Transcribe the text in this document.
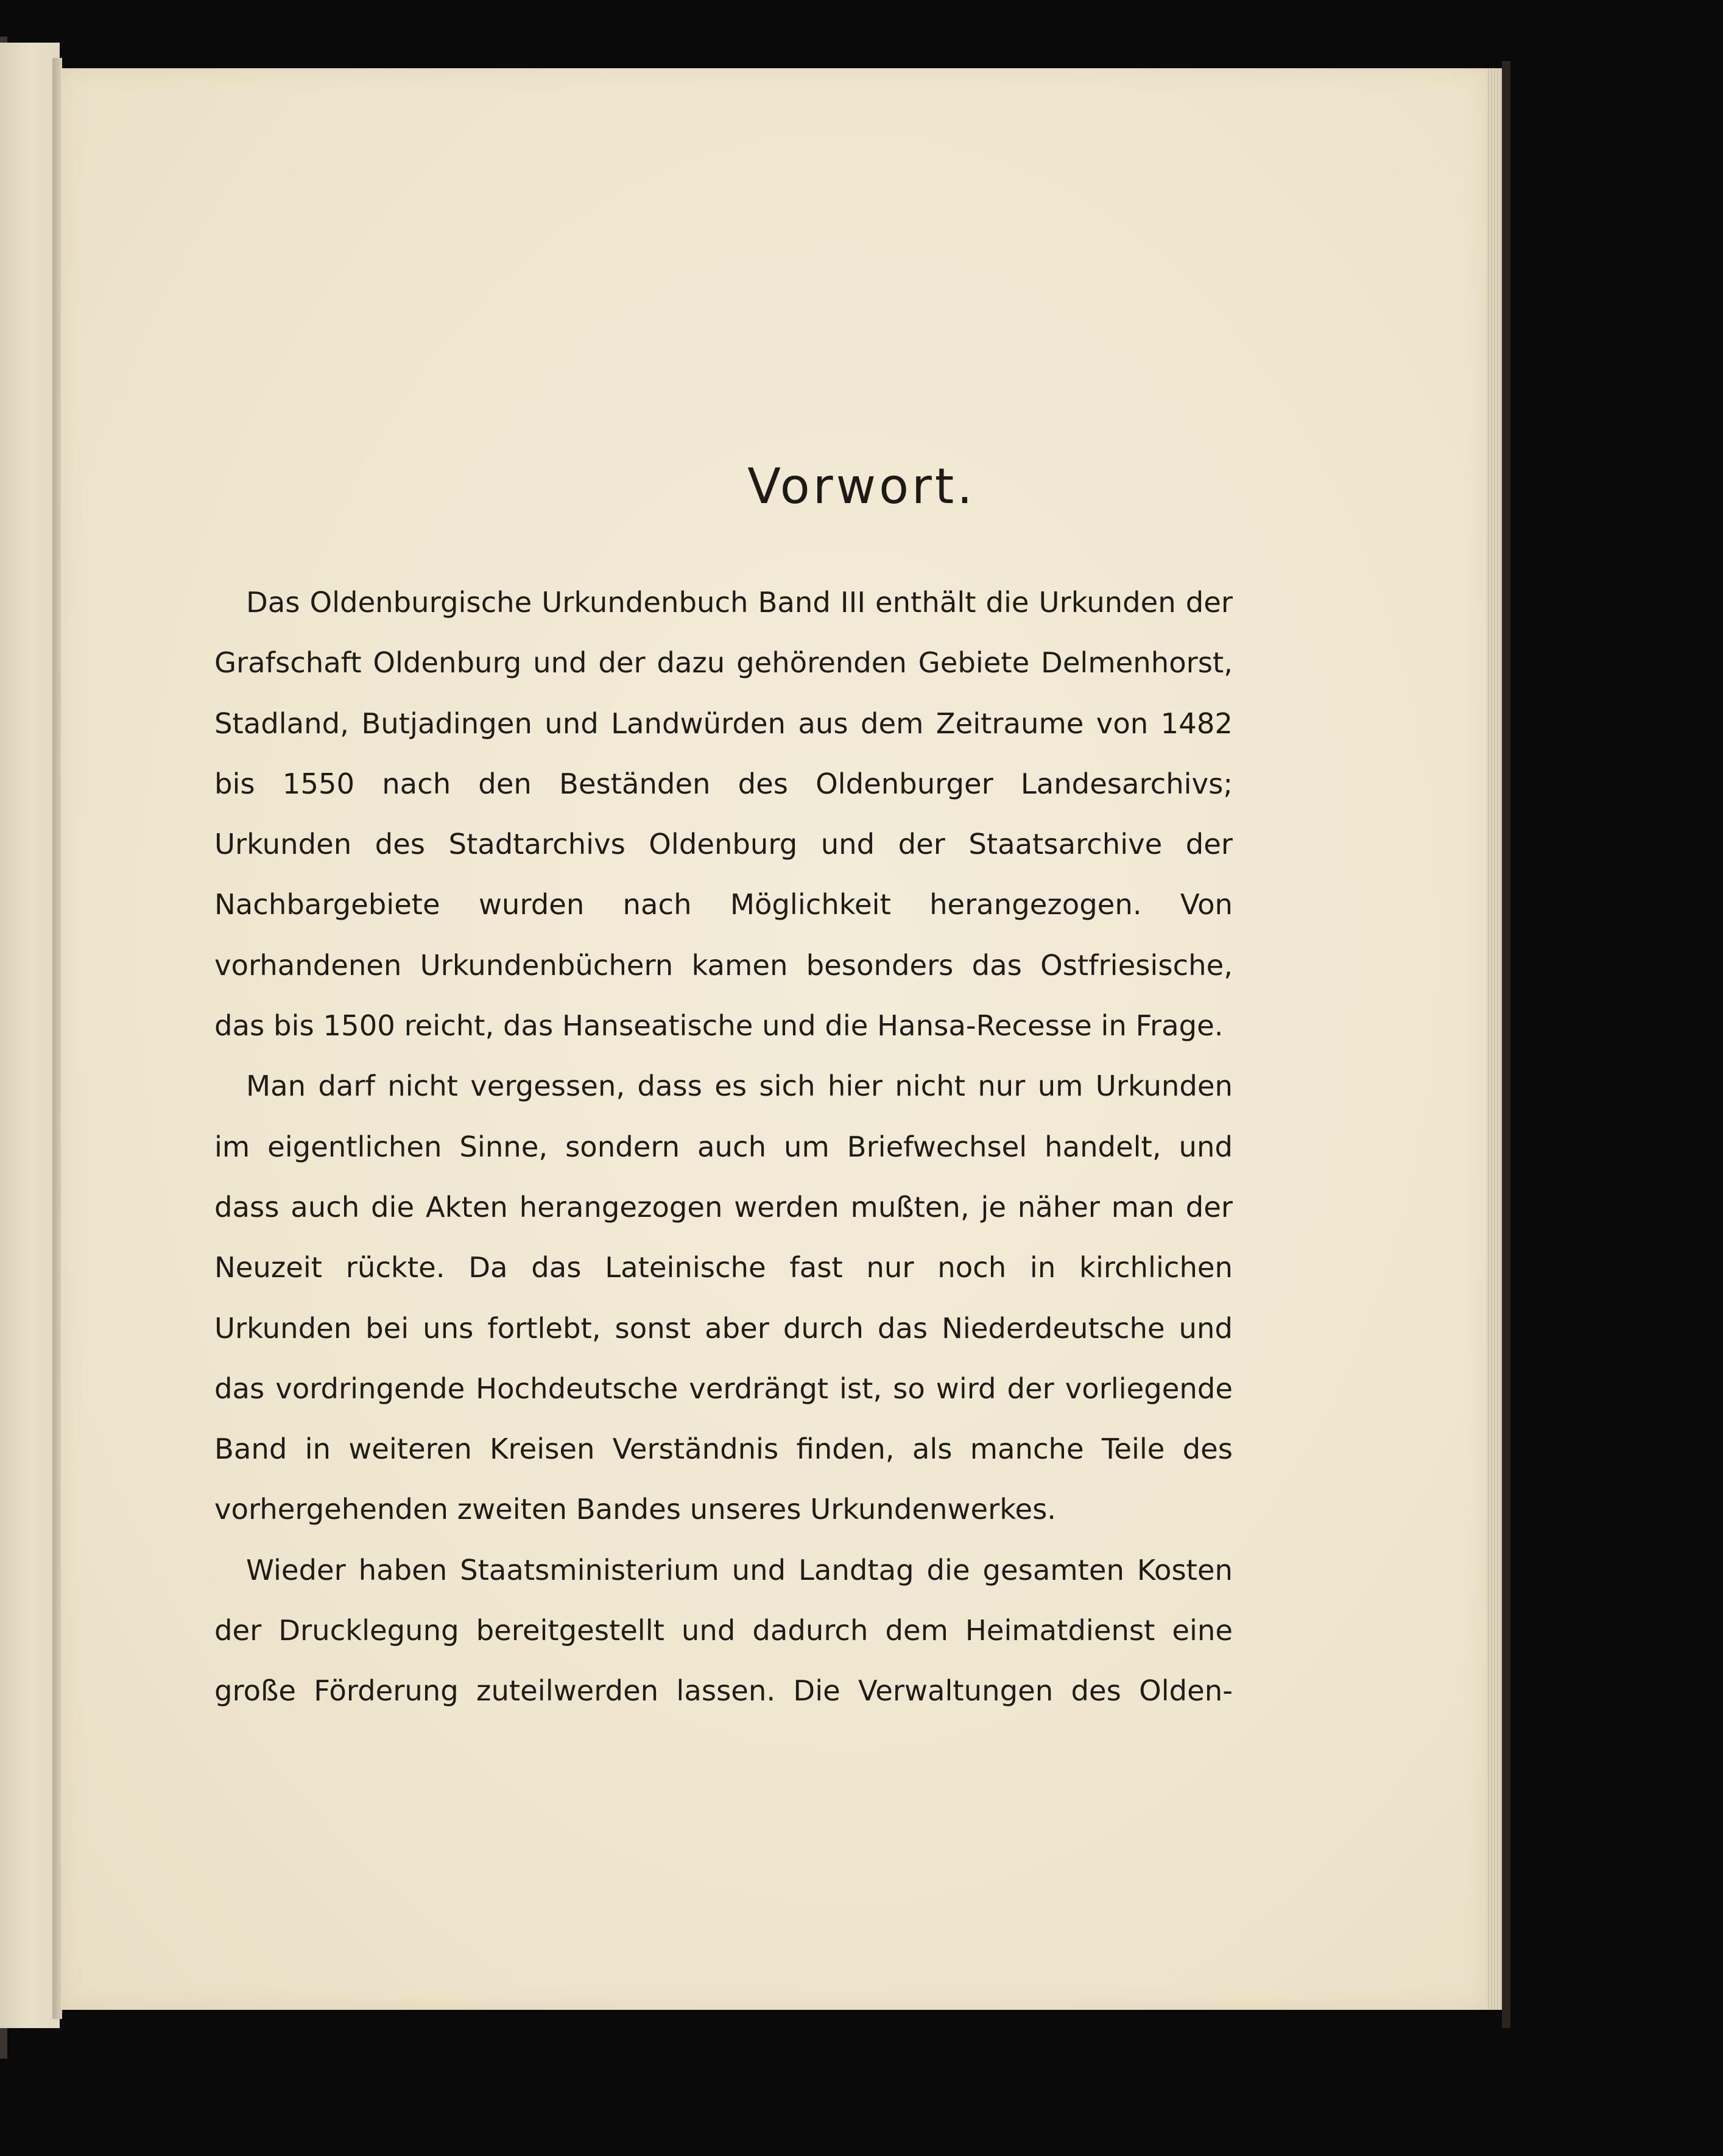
Vorwort.

Das Oldenburgische Urkundenbuch Band III enthält die Urkunden der Grafschaft Oldenburg und der dazu gehörenden Gebiete Delmenhorst, Stadland, Butjadingen und Landwürden aus dem Zeitraume von 1482 bis 1550 nach den Beständen des Oldenburger Landesarchivs; Urkunden des Stadtarchivs Oldenburg und der Staatsarchive der Nachbargebiete wurden nach Möglichkeit herangezogen. Von vorhandenen Urkundenbüchern kamen besonders das Ostfriesische, das bis 1500 reicht, das Hanseatische und die Hansa-Recesse in Frage.

Man darf nicht vergessen, dass es sich hier nicht nur um Urkunden im eigentlichen Sinne, sondern auch um Briefwechsel handelt, und dass auch die Akten herangezogen werden mußten, je näher man der Neuzeit rückte. Da das Lateinische fast nur noch in kirchlichen Urkunden bei uns fortlebt, sonst aber durch das Niederdeutsche und das vordringende Hochdeutsche verdrängt ist, so wird der vorliegende Band in weiteren Kreisen Verständnis finden, als manche Teile des vorhergehenden zweiten Bandes unseres Urkundenwerkes.

Wieder haben Staatsministerium und Landtag die gesamten Kosten der Drucklegung bereitgestellt und dadurch dem Heimatdienst eine große Förderung zuteilwerden lassen. Die Verwaltungen des Olden-
